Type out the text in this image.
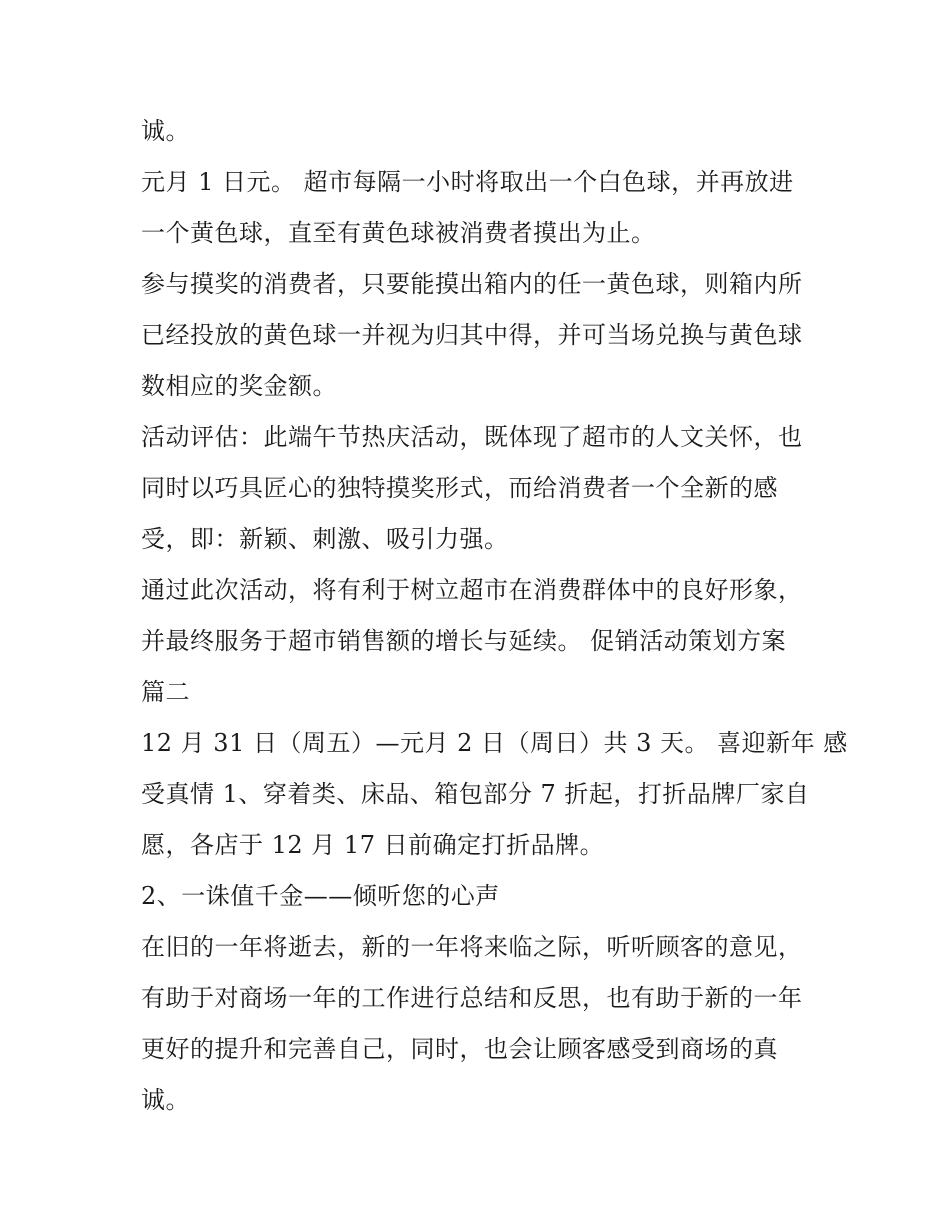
诚。
元月 1 日元。 超市每隔一小时将取出一个白色球，并再放进
一个黄色球，直至有黄色球被消费者摸出为止。
参与摸奖的消费者，只要能摸出箱内的任一黄色球，则箱内所
已经投放的黄色球一并视为归其中得，并可当场兑换与黄色球
数相应的奖金额。
活动评估：此端午节热庆活动，既体现了超市的人文关怀，也
同时以巧具匠心的独特摸奖形式，而给消费者一个全新的感
受，即：新颖、刺激、吸引力强。
通过此次活动，将有利于树立超市在消费群体中的良好形象，
并最终服务于超市销售额的增长与延续。 促销活动策划方案
篇二
12 月 31 日（周五）—元月 2 日（周日）共 3 天。 喜迎新年 感
受真情 1、穿着类、床品、箱包部分 7 折起，打折品牌厂家自
愿，各店于 12 月 17 日前确定打折品牌。
2、一诛值千金——倾听您的心声
在旧的一年将逝去，新的一年将来临之际，听听顾客的意见，
有助于对商场一年的工作进行总结和反思，也有助于新的一年
更好的提升和完善自己，同时，也会让顾客感受到商场的真
诚。
